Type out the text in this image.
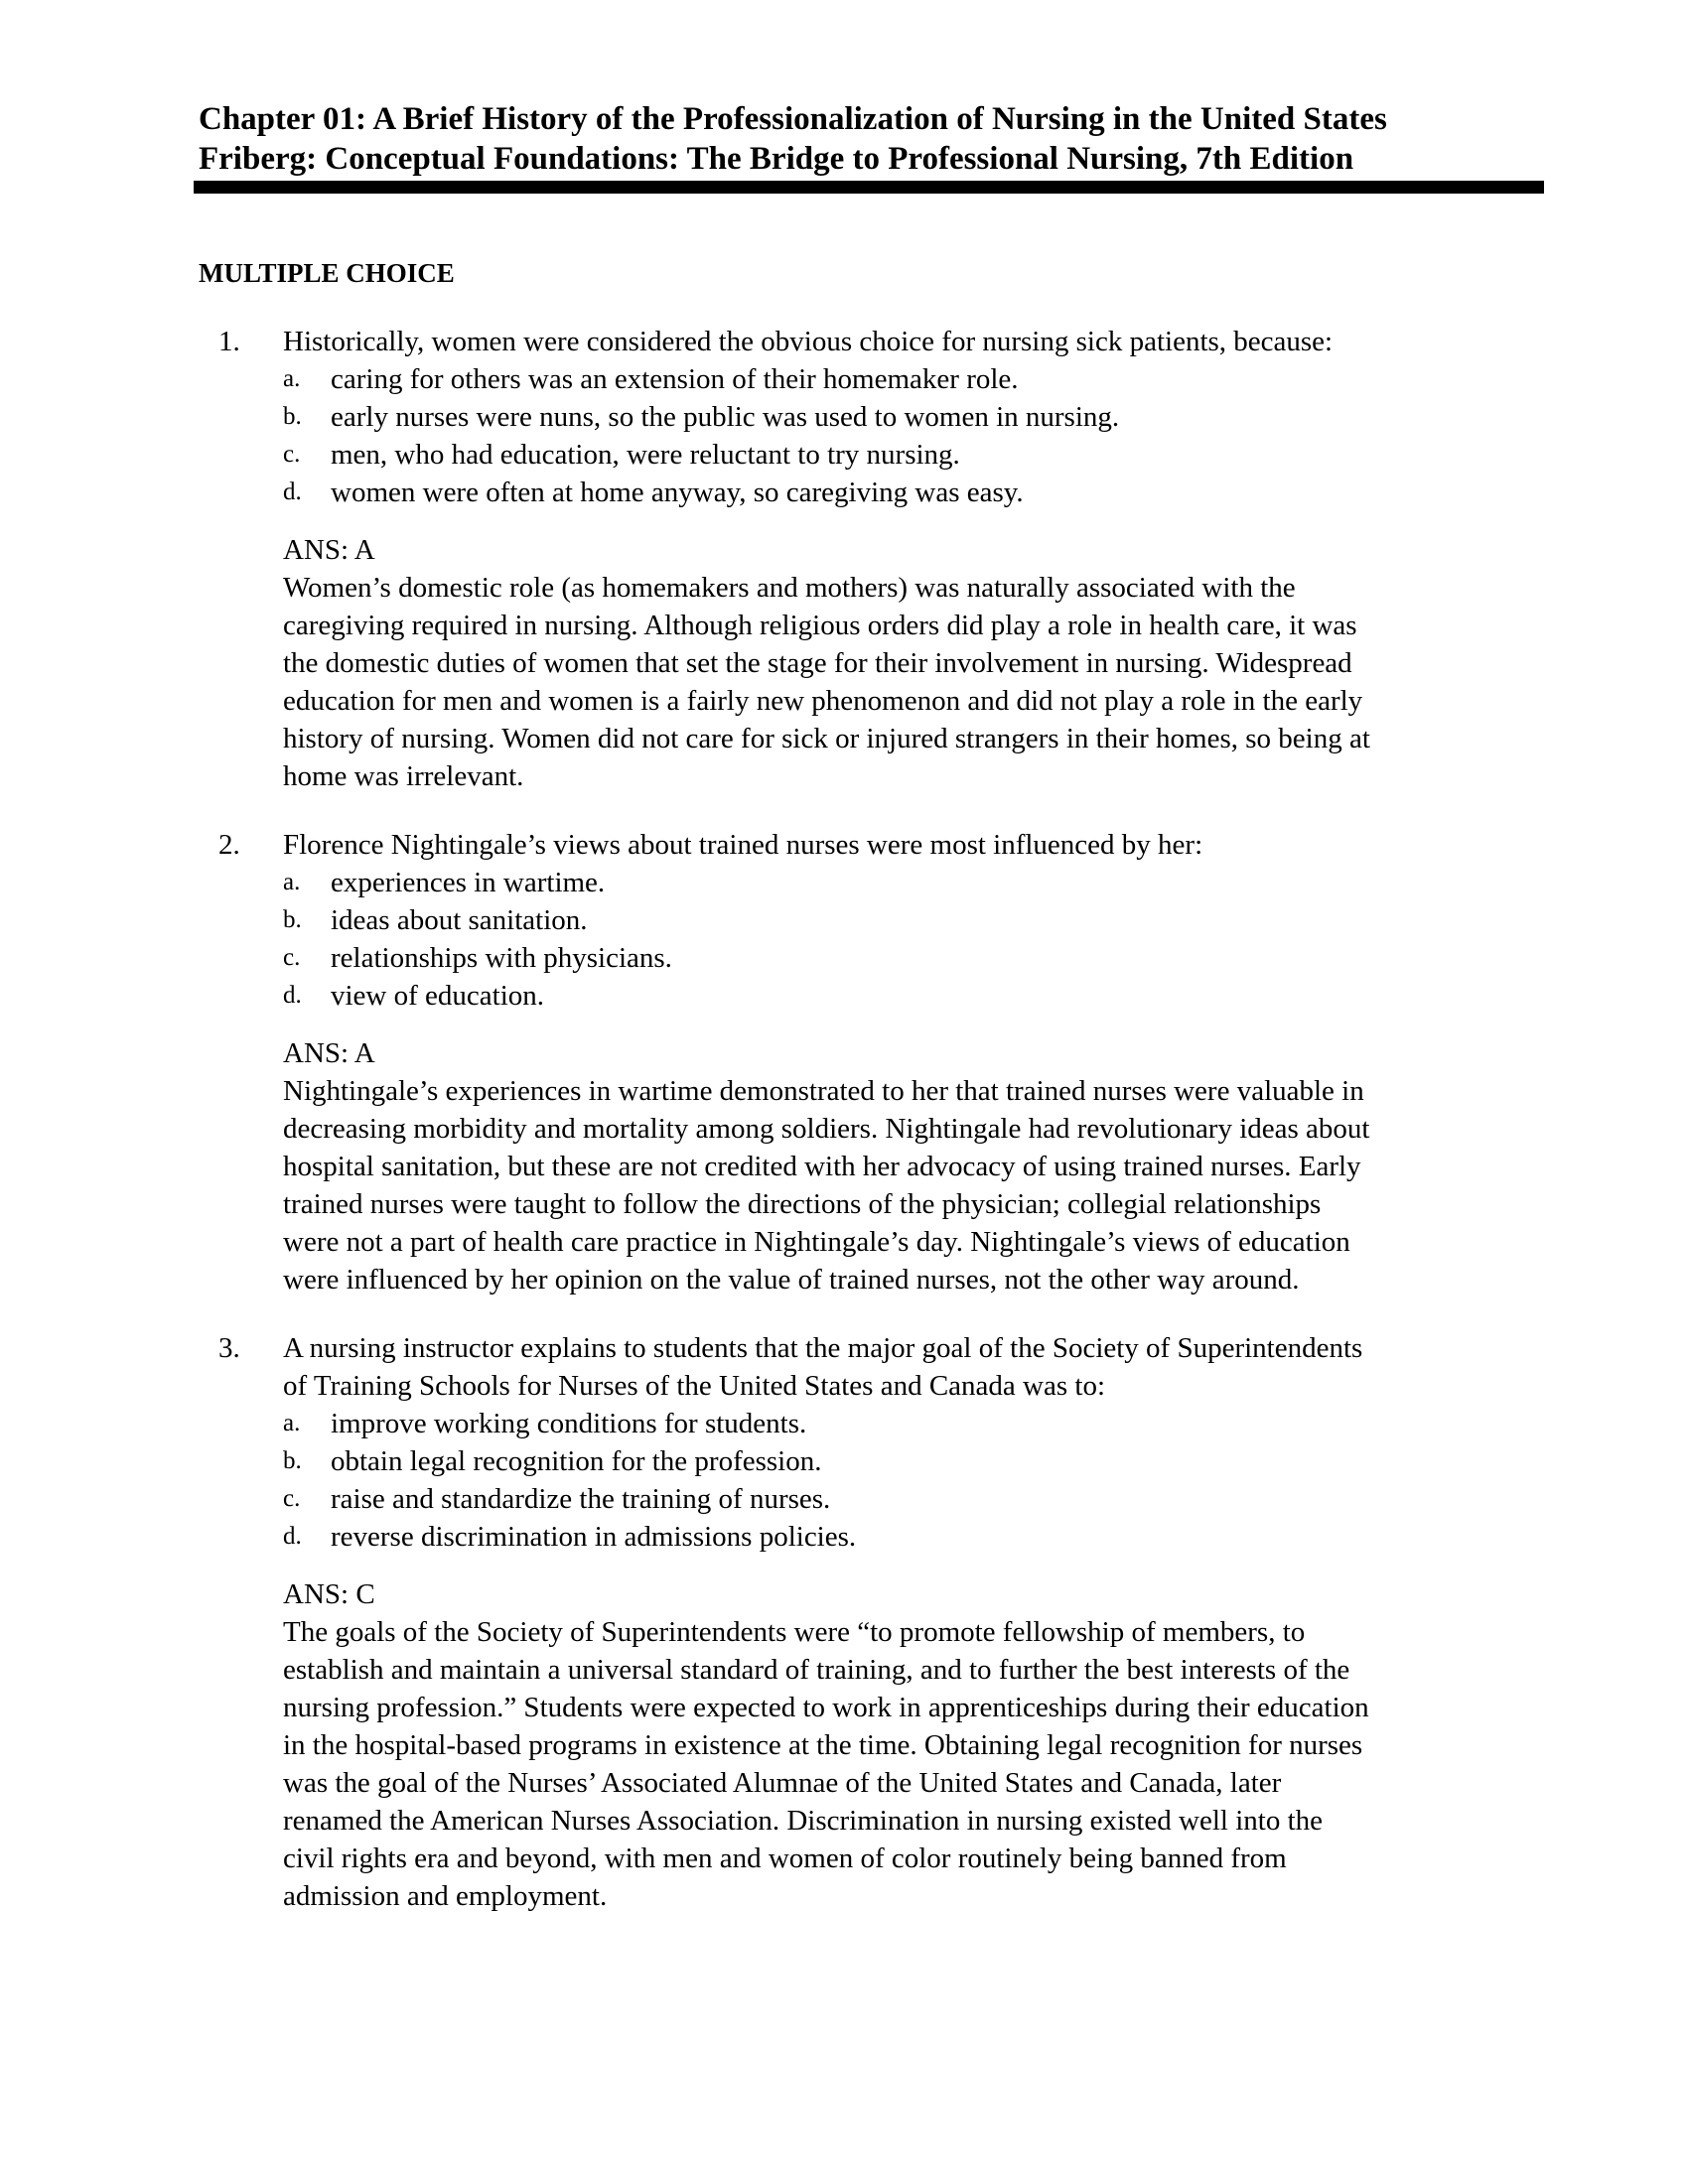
Chapter 01: A Brief History of the Professionalization of Nursing in the United States
Friberg: Conceptual Foundations: The Bridge to Professional Nursing, 7th Edition
MULTIPLE CHOICE
1. Historically, women were considered the obvious choice for nursing sick patients, because:
a. caring for others was an extension of their homemaker role.
b. early nurses were nuns, so the public was used to women in nursing.
c. men, who had education, were reluctant to try nursing.
d. women were often at home anyway, so caregiving was easy.
ANS: A
Women’s domestic role (as homemakers and mothers) was naturally associated with the
caregiving required in nursing. Although religious orders did play a role in health care, it was
the domestic duties of women that set the stage for their involvement in nursing. Widespread
education for men and women is a fairly new phenomenon and did not play a role in the early
history of nursing. Women did not care for sick or injured strangers in their homes, so being at
home was irrelevant.
2. Florence Nightingale’s views about trained nurses were most influenced by her:
a. experiences in wartime.
b. ideas about sanitation.
c. relationships with physicians.
d. view of education.
ANS: A
Nightingale’s experiences in wartime demonstrated to her that trained nurses were valuable in
decreasing morbidity and mortality among soldiers. Nightingale had revolutionary ideas about
hospital sanitation, but these are not credited with her advocacy of using trained nurses. Early
trained nurses were taught to follow the directions of the physician; collegial relationships
were not a part of health care practice in Nightingale’s day. Nightingale’s views of education
were influenced by her opinion on the value of trained nurses, not the other way around.
3. A nursing instructor explains to students that the major goal of the Society of Superintendents
of Training Schools for Nurses of the United States and Canada was to:
a. improve working conditions for students.
b. obtain legal recognition for the profession.
c. raise and standardize the training of nurses.
d. reverse discrimination in admissions policies.
ANS: C
The goals of the Society of Superintendents were “to promote fellowship of members, to
establish and maintain a universal standard of training, and to further the best interests of the
nursing profession.” Students were expected to work in apprenticeships during their education
in the hospital-based programs in existence at the time. Obtaining legal recognition for nurses
was the goal of the Nurses’ Associated Alumnae of the United States and Canada, later
renamed the American Nurses Association. Discrimination in nursing existed well into the
civil rights era and beyond, with men and women of color routinely being banned from
admission and employment.
